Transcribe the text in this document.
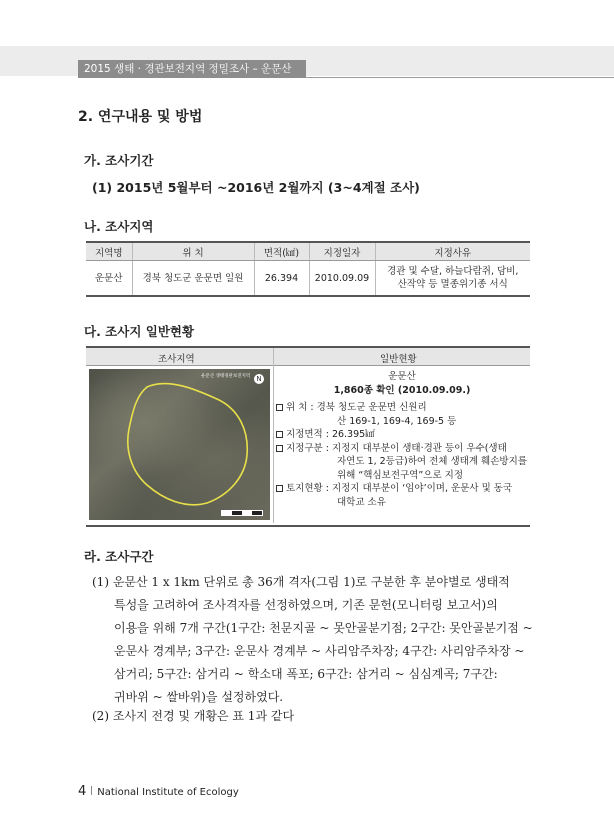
2015 생태 · 경관보전지역 정밀조사 – 운문산
2. 연구내용 및 방법
가. 조사기간
(1) 2015년 5월부터 ~2016년 2월까지 (3~4계절 조사)
나. 조사지역
지역명	위 치	면적(㎢)	지정일자	지정사유
운문산	경북 청도군 운문면 일원	26.394	2010.09.09	경관 및 수달, 하늘다람쥐, 담비,
산작약 등 멸종위기종 서식
다. 조사지 일반현황
조사지역	일반현황
운문산 생태경관보전지역 N	운문산
1,860종 확인 (2010.09.09.)
위 치 : 경북 청도군 운문면 신원리
산 169-1, 169-4, 169-5 등
지정면적 : 26.395㎢
지정구분 : 지정지 대부분이 생태·경관 등이 우수(생태
자연도 1, 2등급)하여 전체 생태계 훼손방지를
위해 “핵심보전구역”으로 지정
토지현황 : 지정지 대부분이 ‘임야’이며, 운문사 및 동국
대학교 소유
라. 조사구간

(1) 운문산 1 x 1km 단위로 총 36개 격자(그림 1)로 구분한 후 분야별로 생태적

특성을 고려하여 조사격자를 선정하였으며, 기존 문헌(모니터링 보고서)의

이용을 위해 7개 구간(1구간: 천문지골 ~ 못안골분기점; 2구간: 못안골분기점 ~

운문사 경계부; 3구간: 운문사 경계부 ~ 사리암주차장; 4구간: 사리암주차장 ~

삼거리; 5구간: 삼거리 ~ 학소대 폭포; 6구간: 삼거리 ~ 심심계곡; 7구간:

귀바위 ~ 쌀바위)을 설정하였다.

(2) 조사지 전경 및 개황은 표 1과 같다

4 National Institute of Ecology
